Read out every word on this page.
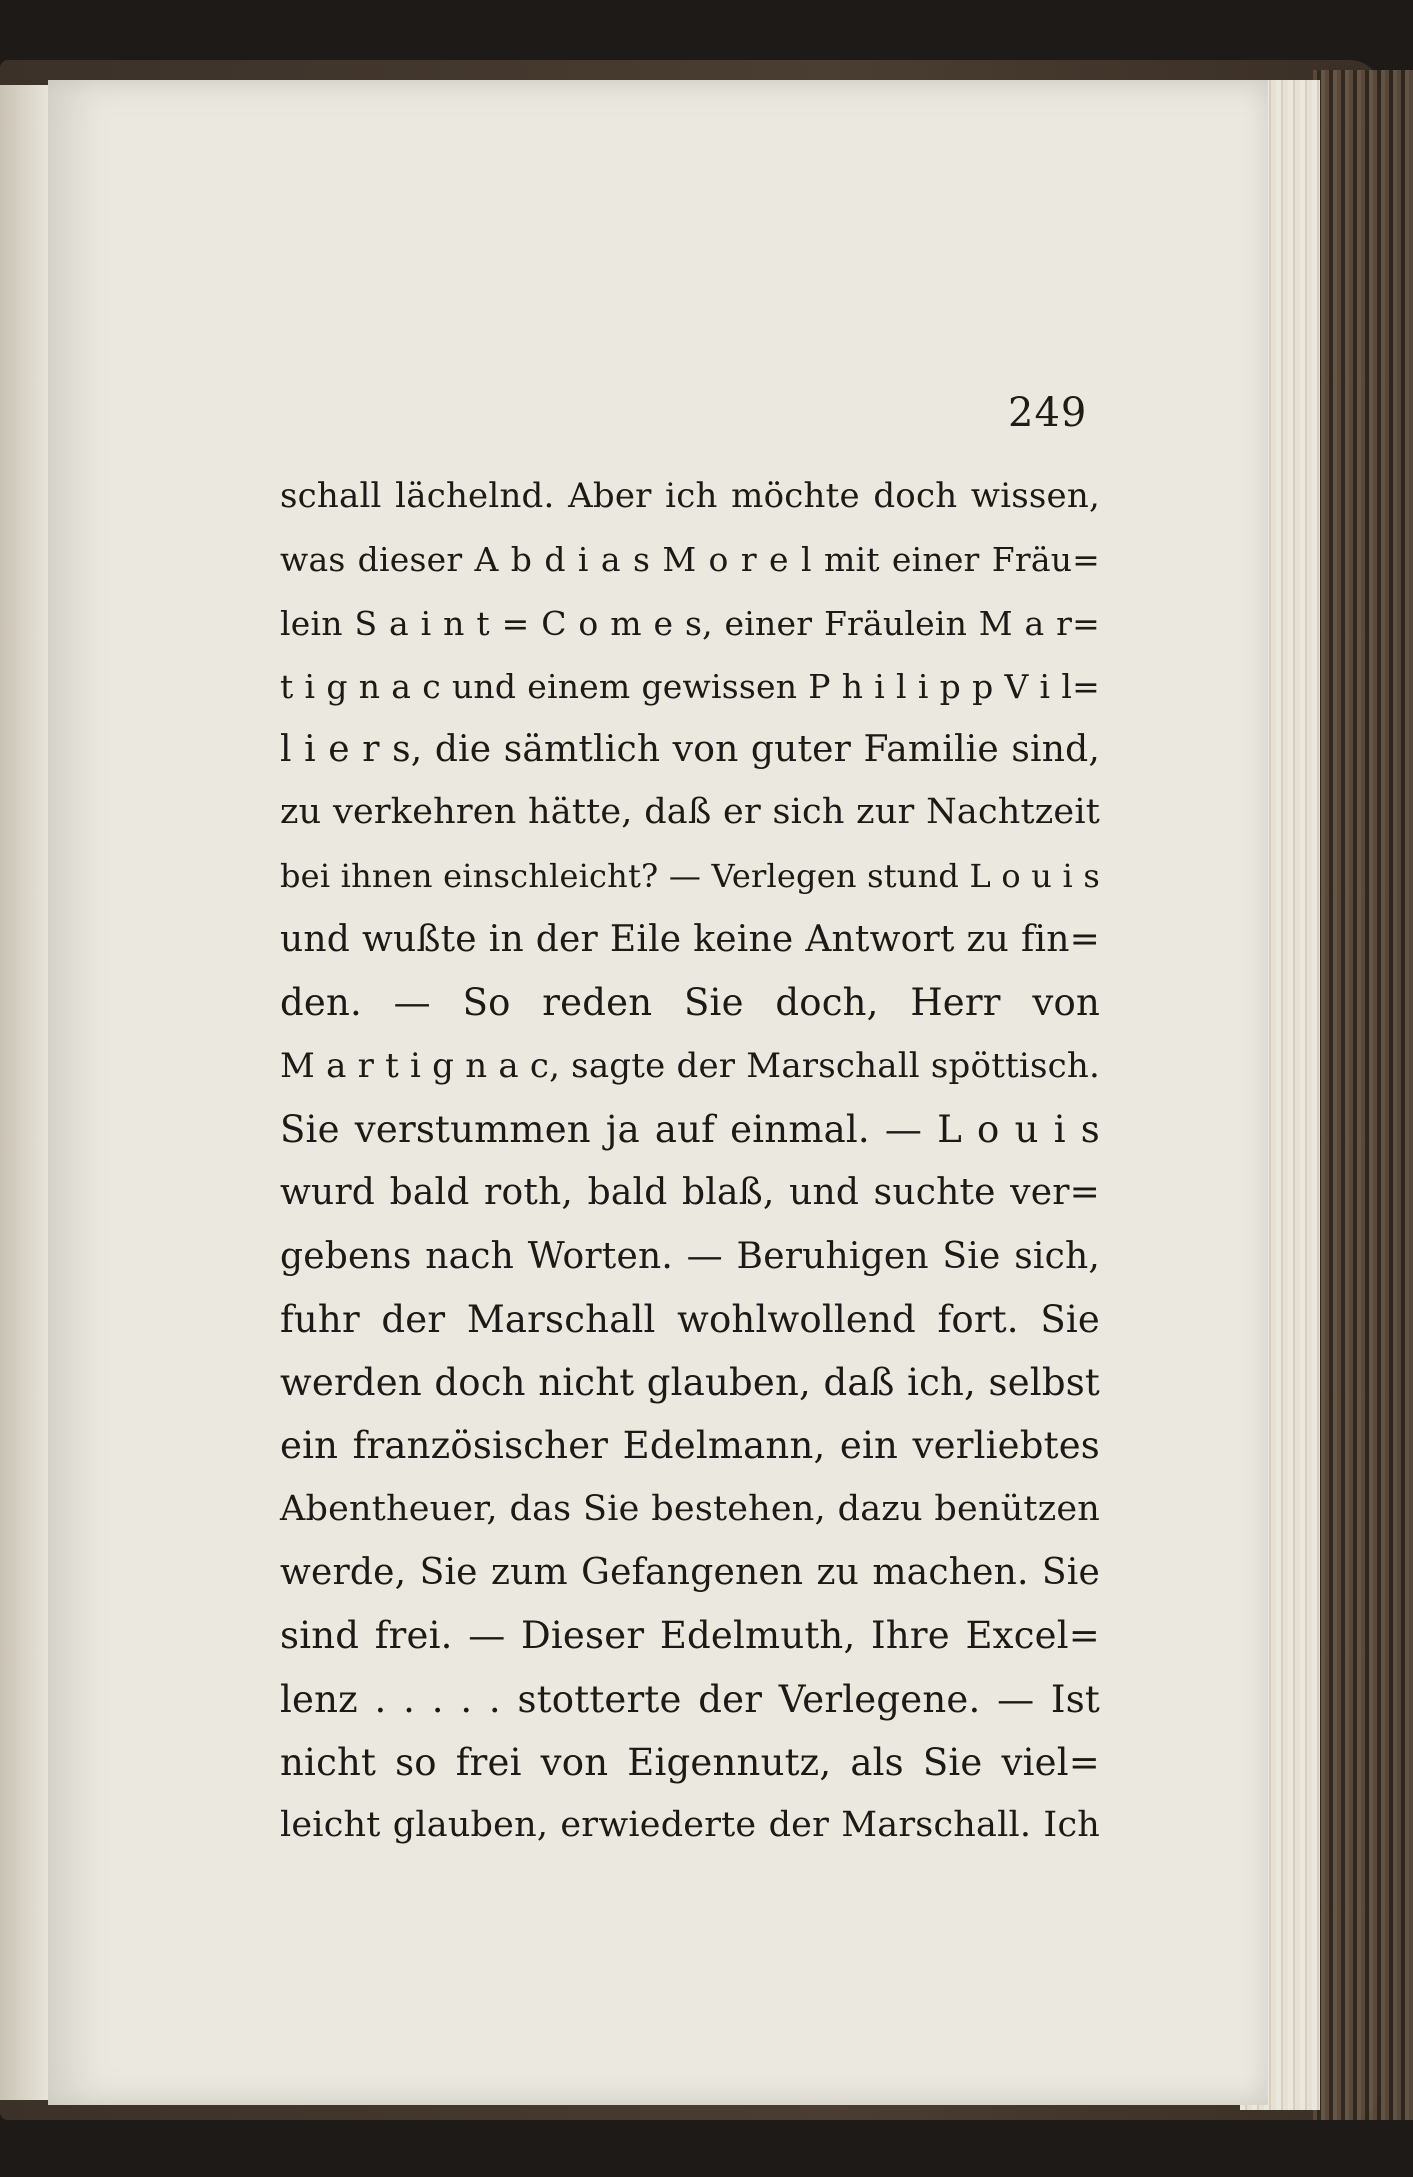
249
schall lächelnd. Aber ich möchte doch wissen,
was dieser A b d i a s M o r e l mit einer Fräu=
lein S a i n t = C o m e s, einer Fräulein M a r=
t i g n a c und einem gewissen P h i l i p p V i l=
l i e r s, die sämtlich von guter Familie sind,
zu verkehren hätte, daß er sich zur Nachtzeit
bei ihnen einschleicht? — Verlegen stund L o u i s
und wußte in der Eile keine Antwort zu fin=
den. — So reden Sie doch, Herr von
M a r t i g n a c, sagte der Marschall spöttisch.
Sie verstummen ja auf einmal. — L o u i s
wurd bald roth, bald blaß, und suchte ver=
gebens nach Worten. — Beruhigen Sie sich,
fuhr der Marschall wohlwollend fort. Sie
werden doch nicht glauben, daß ich, selbst
ein französischer Edelmann, ein verliebtes
Abentheuer, das Sie bestehen, dazu benützen
werde, Sie zum Gefangenen zu machen. Sie
sind frei. — Dieser Edelmuth, Ihre Excel=
lenz . . . . . stotterte der Verlegene. — Ist
nicht so frei von Eigennutz, als Sie viel=
leicht glauben, erwiederte der Marschall. Ich
